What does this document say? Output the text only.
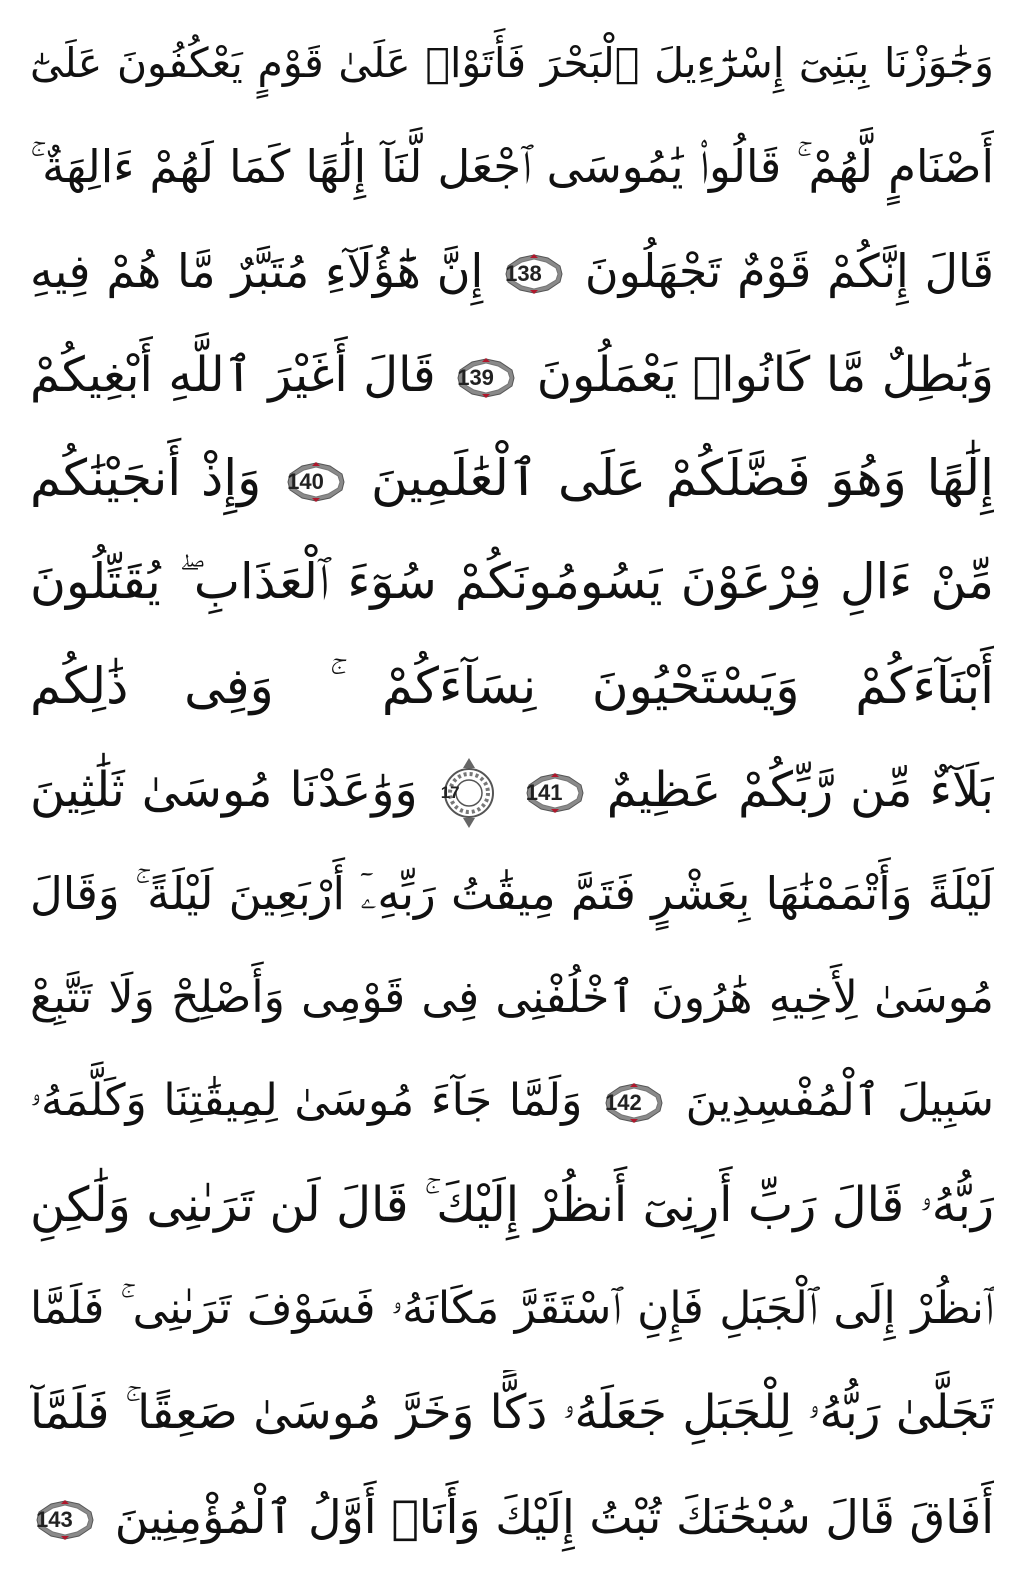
وَجَٰوَزْنَا بِبَنِىٓ إِسْرَٰٓءِيلَ ٱلْبَحْرَ فَأَتَوْا۟ عَلَىٰ قَوْمٍ يَعْكُفُونَ عَلَىٰٓ
أَصْنَامٍ لَّهُمْ ۚ قَالُوا۟ يَٰمُوسَى ٱجْعَل لَّنَآ إِلَٰهًا كَمَا لَهُمْ ءَالِهَةٌ ۚ
قَالَ إِنَّكُمْ قَوْمٌ تَجْهَلُونَ
138
إِنَّ هَٰٓؤُلَآءِ مُتَبَّرٌ مَّا هُمْ فِيهِ
وَبَٰطِلٌ مَّا كَانُوا۟ يَعْمَلُونَ
139
قَالَ أَغَيْرَ ٱللَّهِ أَبْغِيكُمْ
إِلَٰهًا وَهُوَ فَضَّلَكُمْ عَلَى ٱلْعَٰلَمِينَ
140
وَإِذْ أَنجَيْنَٰكُم
مِّنْ ءَالِ فِرْعَوْنَ يَسُومُونَكُمْ سُوٓءَ ٱلْعَذَابِ ۖ يُقَتِّلُونَ
أَبْنَآءَكُمْ وَيَسْتَحْيُونَ نِسَآءَكُمْ ۚ وَفِى ذَٰلِكُم
بَلَآءٌ مِّن رَّبِّكُمْ عَظِيمٌ
141

17
وَوَٰعَدْنَا مُوسَىٰ ثَلَٰثِينَ
لَيْلَةً وَأَتْمَمْنَٰهَا بِعَشْرٍ فَتَمَّ مِيقَٰتُ رَبِّهِۦٓ أَرْبَعِينَ لَيْلَةً ۚ وَقَالَ
مُوسَىٰ لِأَخِيهِ هَٰرُونَ ٱخْلُفْنِى فِى قَوْمِى وَأَصْلِحْ وَلَا تَتَّبِعْ
سَبِيلَ ٱلْمُفْسِدِينَ
142
وَلَمَّا جَآءَ مُوسَىٰ لِمِيقَٰتِنَا وَكَلَّمَهُۥ
رَبُّهُۥ قَالَ رَبِّ أَرِنِىٓ أَنظُرْ إِلَيْكَ ۚ قَالَ لَن تَرَىٰنِى وَلَٰكِنِ
ٱنظُرْ إِلَى ٱلْجَبَلِ فَإِنِ ٱسْتَقَرَّ مَكَانَهُۥ فَسَوْفَ تَرَىٰنِى ۚ فَلَمَّا
تَجَلَّىٰ رَبُّهُۥ لِلْجَبَلِ جَعَلَهُۥ دَكًّا وَخَرَّ مُوسَىٰ صَعِقًا ۚ فَلَمَّآ
أَفَاقَ قَالَ سُبْحَٰنَكَ تُبْتُ إِلَيْكَ وَأَنَا۠ أَوَّلُ ٱلْمُؤْمِنِينَ
143
